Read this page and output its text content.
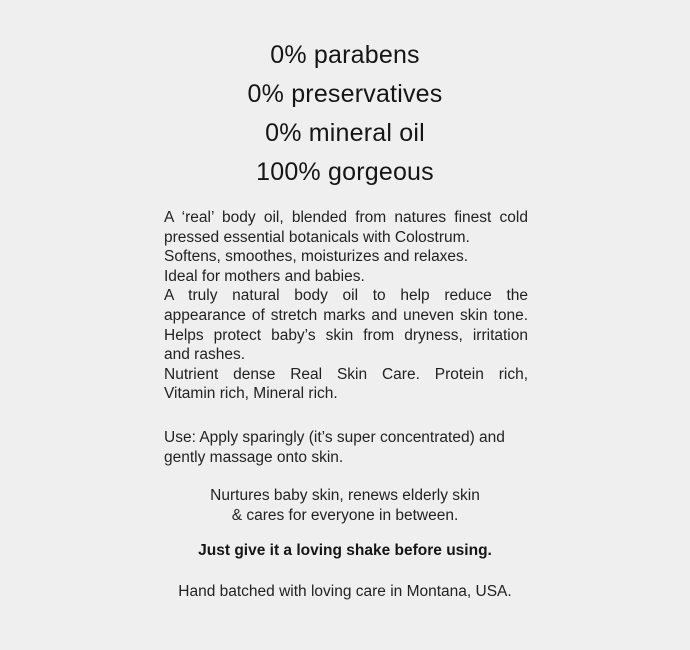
0% parabens
0% preservatives
0% mineral oil
100% gorgeous
A ‘real’ body oil, blended from natures finest cold
pressed essential botanicals with Colostrum.
Softens, smoothes, moisturizes and relaxes.
Ideal for mothers and babies.
A truly natural body oil to help reduce the
appearance of stretch marks and uneven skin tone.
Helps protect baby’s skin from dryness, irritation
and rashes.
Nutrient dense Real Skin Care. Protein rich,
Vitamin rich, Mineral rich.
Use: Apply sparingly (it’s super concentrated) and
gently massage onto skin.
Nurtures baby skin, renews elderly skin
& cares for everyone in between.
Just give it a loving shake before using.
Hand batched with loving care in Montana, USA.
